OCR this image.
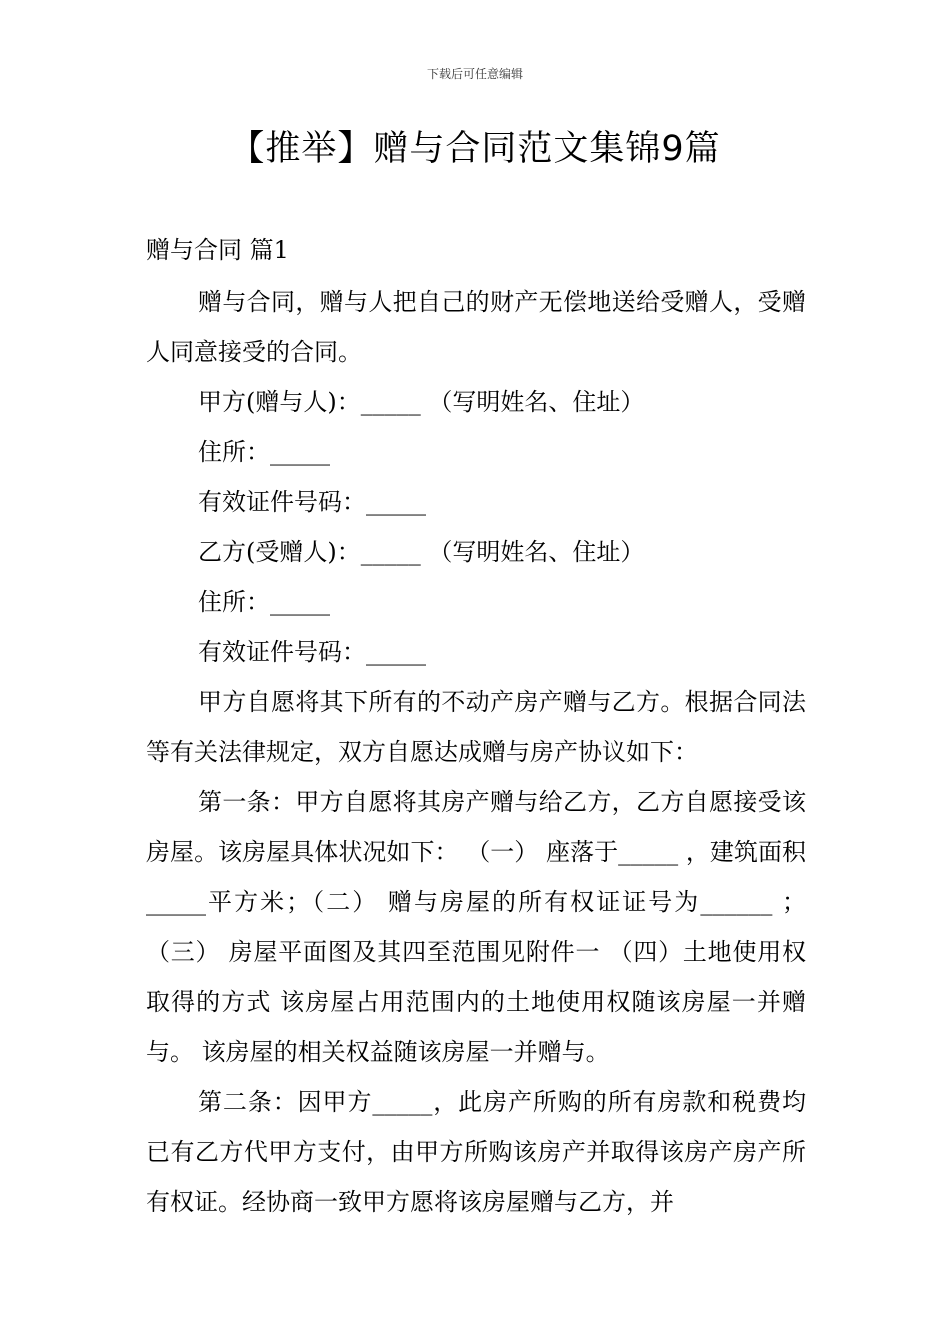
下载后可任意编辑
【推举】赠与合同范文集锦9篇
赠与合同 篇1

赠与合同，赠与人把自己的财产无偿地送给受赠人，受赠人同意接受的合同。

甲方(赠与人)：_____ （写明姓名、住址）

住所：_____

有效证件号码：_____

乙方(受赠人)：_____ （写明姓名、住址）

住所：_____

有效证件号码：_____

甲方自愿将其下所有的不动产房产赠与乙方。根据合同法等有关法律规定，双方自愿达成赠与房产协议如下：

第一条：甲方自愿将其房产赠与给乙方，乙方自愿接受该房屋。该房屋具体状况如下： （一） 座落于_____ ，建筑面积_____平方米；（二） 赠与房屋的所有权证证号为______ ；（三） 房屋平面图及其四至范围见附件一 （四）土地使用权取得的方式 该房屋占用范围内的土地使用权随该房屋一并赠与。 该房屋的相关权益随该房屋一并赠与。

第二条：因甲方_____，此房产所购的所有房款和税费均已有乙方代甲方支付，由甲方所购该房产并取得该房产房产所有权证。经协商一致甲方愿将该房屋赠与乙方，并
